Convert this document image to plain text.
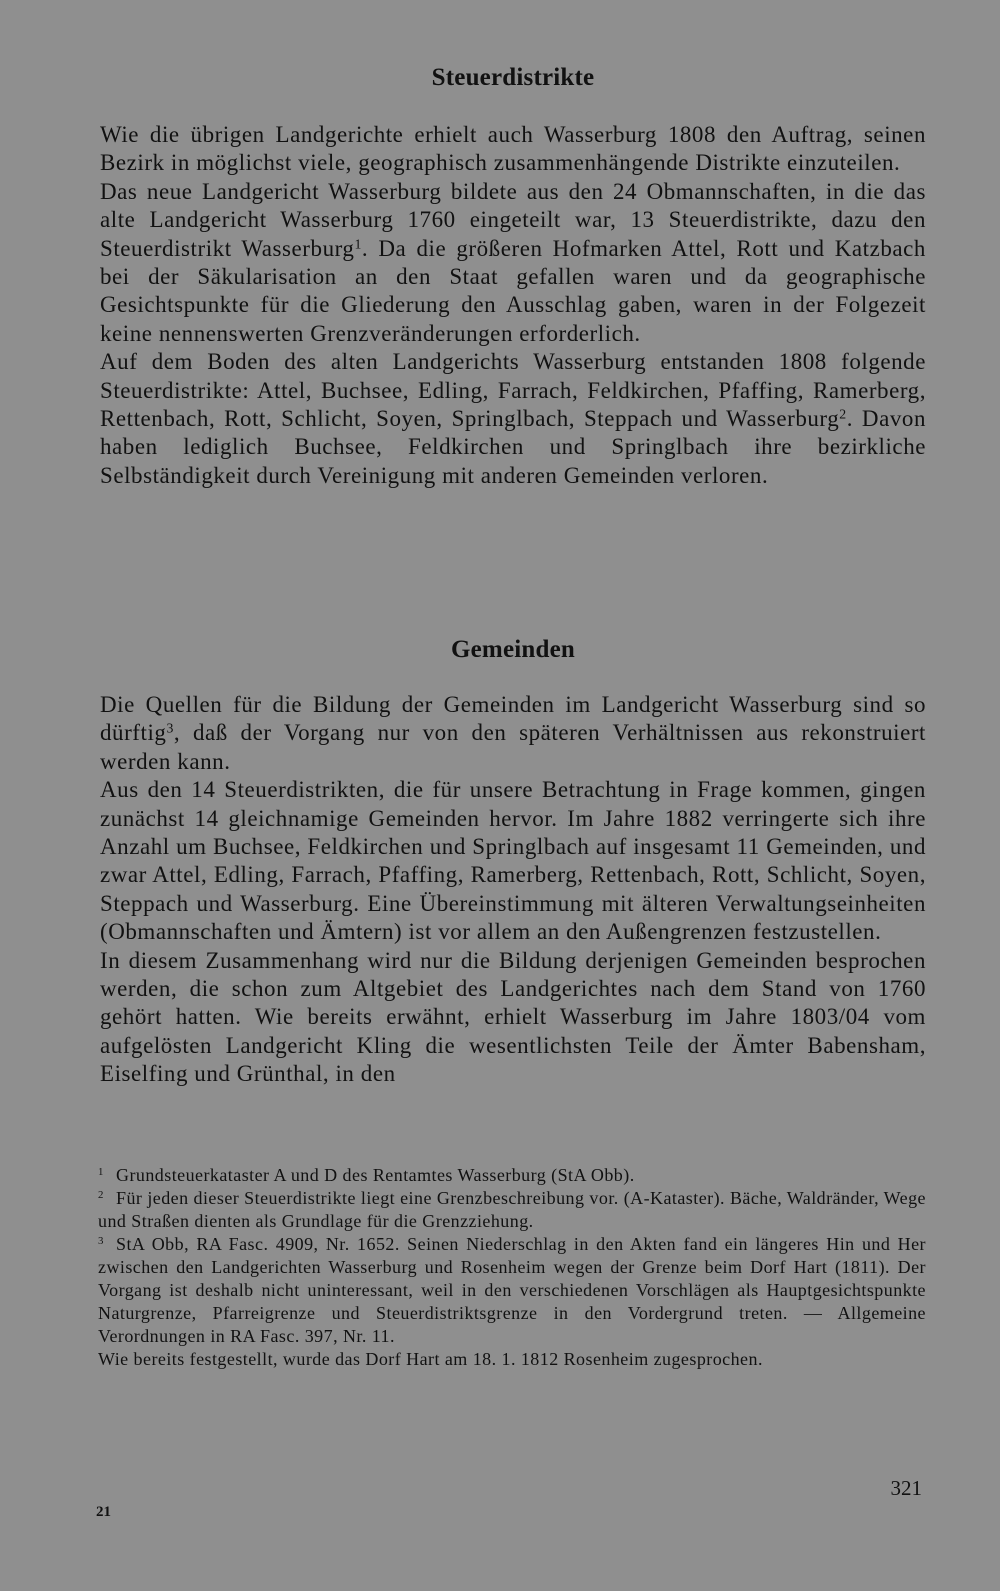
Steuerdistrikte

Wie die übrigen Landgerichte erhielt auch Wasserburg 1808 den Auftrag, seinen Bezirk in möglichst viele, geographisch zusammenhängende Distrikte einzuteilen.

Das neue Landgericht Wasserburg bildete aus den 24 Obmannschaften, in die das alte Landgericht Wasserburg 1760 eingeteilt war, 13 Steuerdistrikte, dazu den Steuerdistrikt Wasserburg$^1$. Da die größeren Hofmarken Attel, Rott und Katzbach bei der Säkularisation an den Staat gefallen waren und da geographische Gesichtspunkte für die Gliederung den Ausschlag gaben, waren in der Folgezeit keine nennenswerten Grenzveränderungen erforderlich.

Auf dem Boden des alten Landgerichts Wasserburg entstanden 1808 folgende Steuerdistrikte: Attel, Buchsee, Edling, Farrach, Feldkirchen, Pfaffing, Ramerberg, Rettenbach, Rott, Schlicht, Soyen, Springlbach, Steppach und Wasserburg$^2$. Davon haben lediglich Buchsee, Feldkirchen und Springlbach ihre bezirkliche Selbständigkeit durch Vereinigung mit anderen Gemeinden verloren.

Gemeinden

Die Quellen für die Bildung der Gemeinden im Landgericht Wasserburg sind so dürftig$^3$, daß der Vorgang nur von den späteren Verhältnissen aus rekonstruiert werden kann.

Aus den 14 Steuerdistrikten, die für unsere Betrachtung in Frage kommen, gingen zunächst 14 gleichnamige Gemeinden hervor. Im Jahre 1882 verringerte sich ihre Anzahl um Buchsee, Feldkirchen und Springlbach auf insgesamt 11 Gemeinden, und zwar Attel, Edling, Farrach, Pfaffing, Ramerberg, Rettenbach, Rott, Schlicht, Soyen, Steppach und Wasserburg. Eine Übereinstimmung mit älteren Verwaltungseinheiten (Obmannschaften und Ämtern) ist vor allem an den Außengrenzen festzustellen.

In diesem Zusammenhang wird nur die Bildung derjenigen Gemeinden besprochen werden, die schon zum Altgebiet des Landgerichtes nach dem Stand von 1760 gehört hatten. Wie bereits erwähnt, erhielt Wasserburg im Jahre 1803/04 vom aufgelösten Landgericht Kling die wesentlichsten Teile der Ämter Babensham, Eiselfing und Grünthal, in den

$^1$ Grundsteuerkataster A und D des Rentamtes Wasserburg (StA Obb).

$^2$ Für jeden dieser Steuerdistrikte liegt eine Grenzbeschreibung vor. (A-Kataster). Bäche, Waldränder, Wege und Straßen dienten als Grundlage für die Grenzziehung.

$^3$ StA Obb, RA Fasc. 4909, Nr. 1652. Seinen Niederschlag in den Akten fand ein längeres Hin und Her zwischen den Landgerichten Wasserburg und Rosenheim wegen der Grenze beim Dorf Hart (1811). Der Vorgang ist deshalb nicht uninteressant, weil in den verschiedenen Vorschlägen als Hauptgesichtspunkte Naturgrenze, Pfarreigrenze und Steuerdistriktsgrenze in den Vordergrund treten. — Allgemeine Verordnungen in RA Fasc. 397, Nr. 11.

Wie bereits festgestellt, wurde das Dorf Hart am 18. 1. 1812 Rosenheim zugesprochen.

321
21
